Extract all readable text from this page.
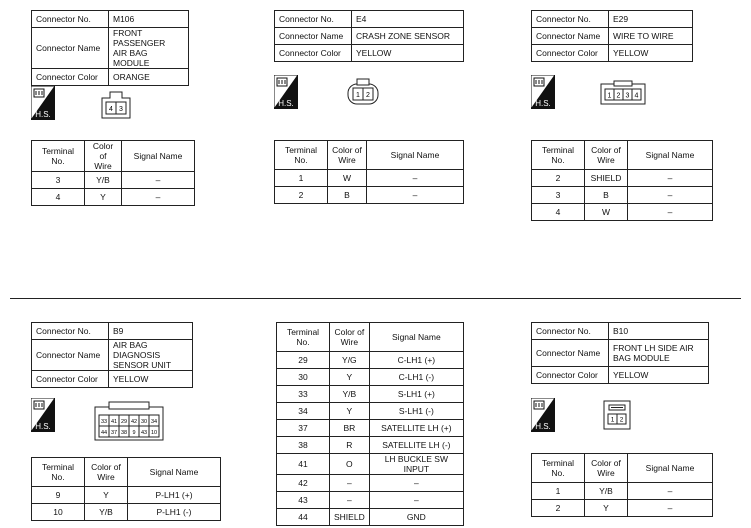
Connector No.	M106
Connector Name	FRONT PASSENGER
AIR BAG MODULE
Connector Color	ORANGE
H.S.
4 3
Terminal No.	Color of
Wire	Signal Name
3	Y/B	–
4	Y	–
Connector No.	E4
Connector Name	CRASH ZONE SENSOR
Connector Color	YELLOW
H.S.
1 2
Terminal No.	Color of
Wire	Signal Name
1	W	–
2	B	–
Connector No.	E29
Connector Name	WIRE TO WIRE
Connector Color	YELLOW
H.S.
1 2 3 4
Terminal No.	Color of
Wire	Signal Name
2	SHIELD	–
3	B	–
4	W	–
Connector No.	B9
Connector Name	AIR BAG DIAGNOSIS
SENSOR UNIT
Connector Color	YELLOW
H.S.	33 41 29 42 30 34
44 37 38 9 43 10
Terminal No.	Color of
Wire	Signal Name
9	Y	P-LH1 (+)
10	Y/B	P-LH1 (-)
Terminal No.	Color of
Wire	Signal Name
29	Y/G	C-LH1 (+)
30	Y	C-LH1 (-)
33	Y/B	S-LH1 (+)
34	Y	S-LH1 (-)
37	BR	SATELLITE LH (+)
38	R	SATELLITE LH (-)
41	O	LH BUCKLE SW INPUT
42	–	–
43	–	–
44	SHIELD	GND
Connector No.	B10
Connector Name	FRONT LH SIDE AIR
BAG MODULE
Connector Color	YELLOW
H.S.
1 2
Terminal No.	Color of
Wire	Signal Name
1	Y/B	–
2	Y	–
